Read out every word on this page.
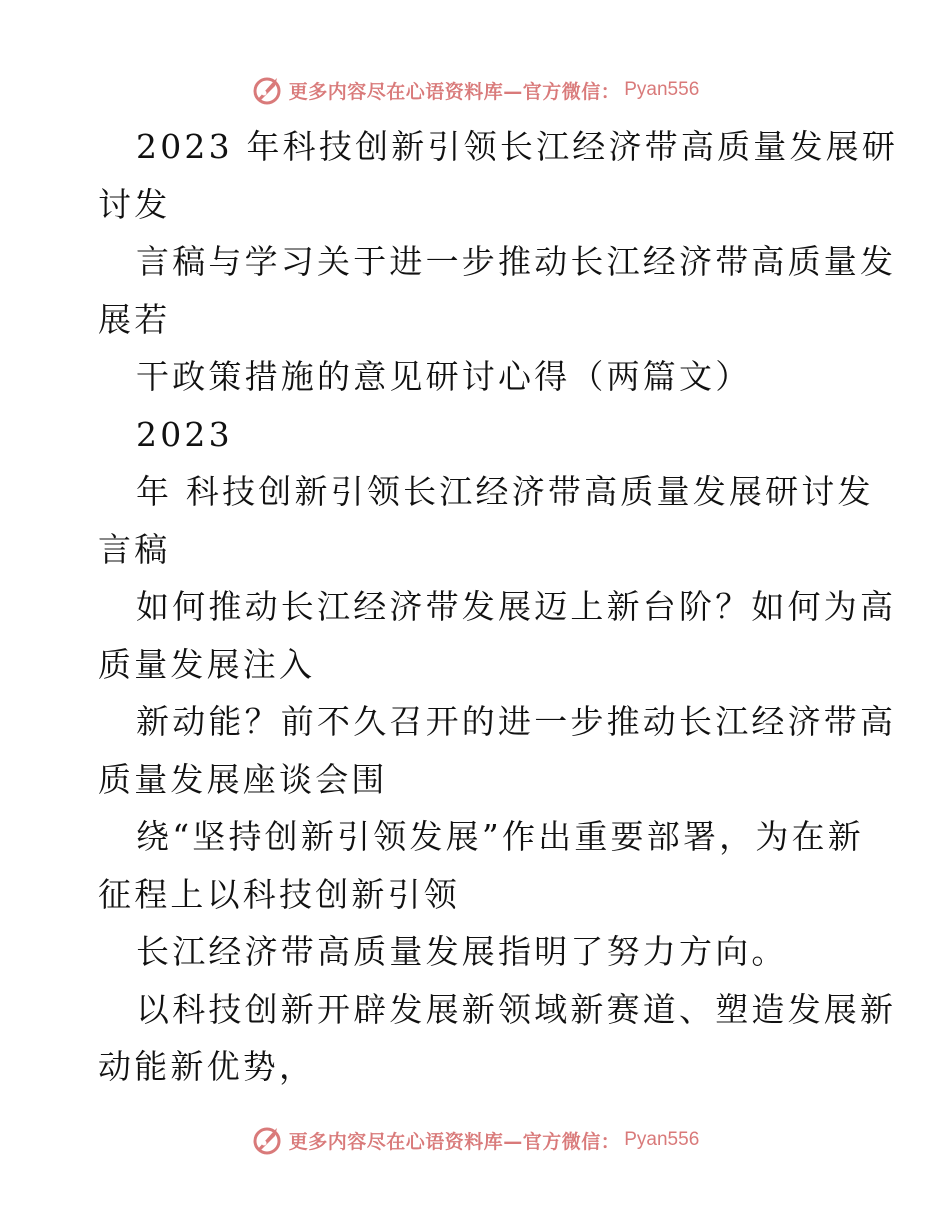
更多内容尽在心语资料库—官方微信： Pyan556
2023 年科技创新引领长江经济带高质量发展研
讨发
言稿与学习关于进一步推动长江经济带高质量发
展若
干政策措施的意见研讨心得（两篇文）
2023
年 科技创新引领长江经济带高质量发展研讨发
言稿
如何推动长江经济带发展迈上新台阶？如何为高
质量发展注入
新动能？前不久召开的进一步推动长江经济带高
质量发展座谈会围
绕“坚持创新引领发展”作出重要部署，为在新
征程上以科技创新引领
长江经济带高质量发展指明了努力方向。
以科技创新开辟发展新领域新赛道、塑造发展新
动能新优势，
更多内容尽在心语资料库—官方微信： Pyan556
